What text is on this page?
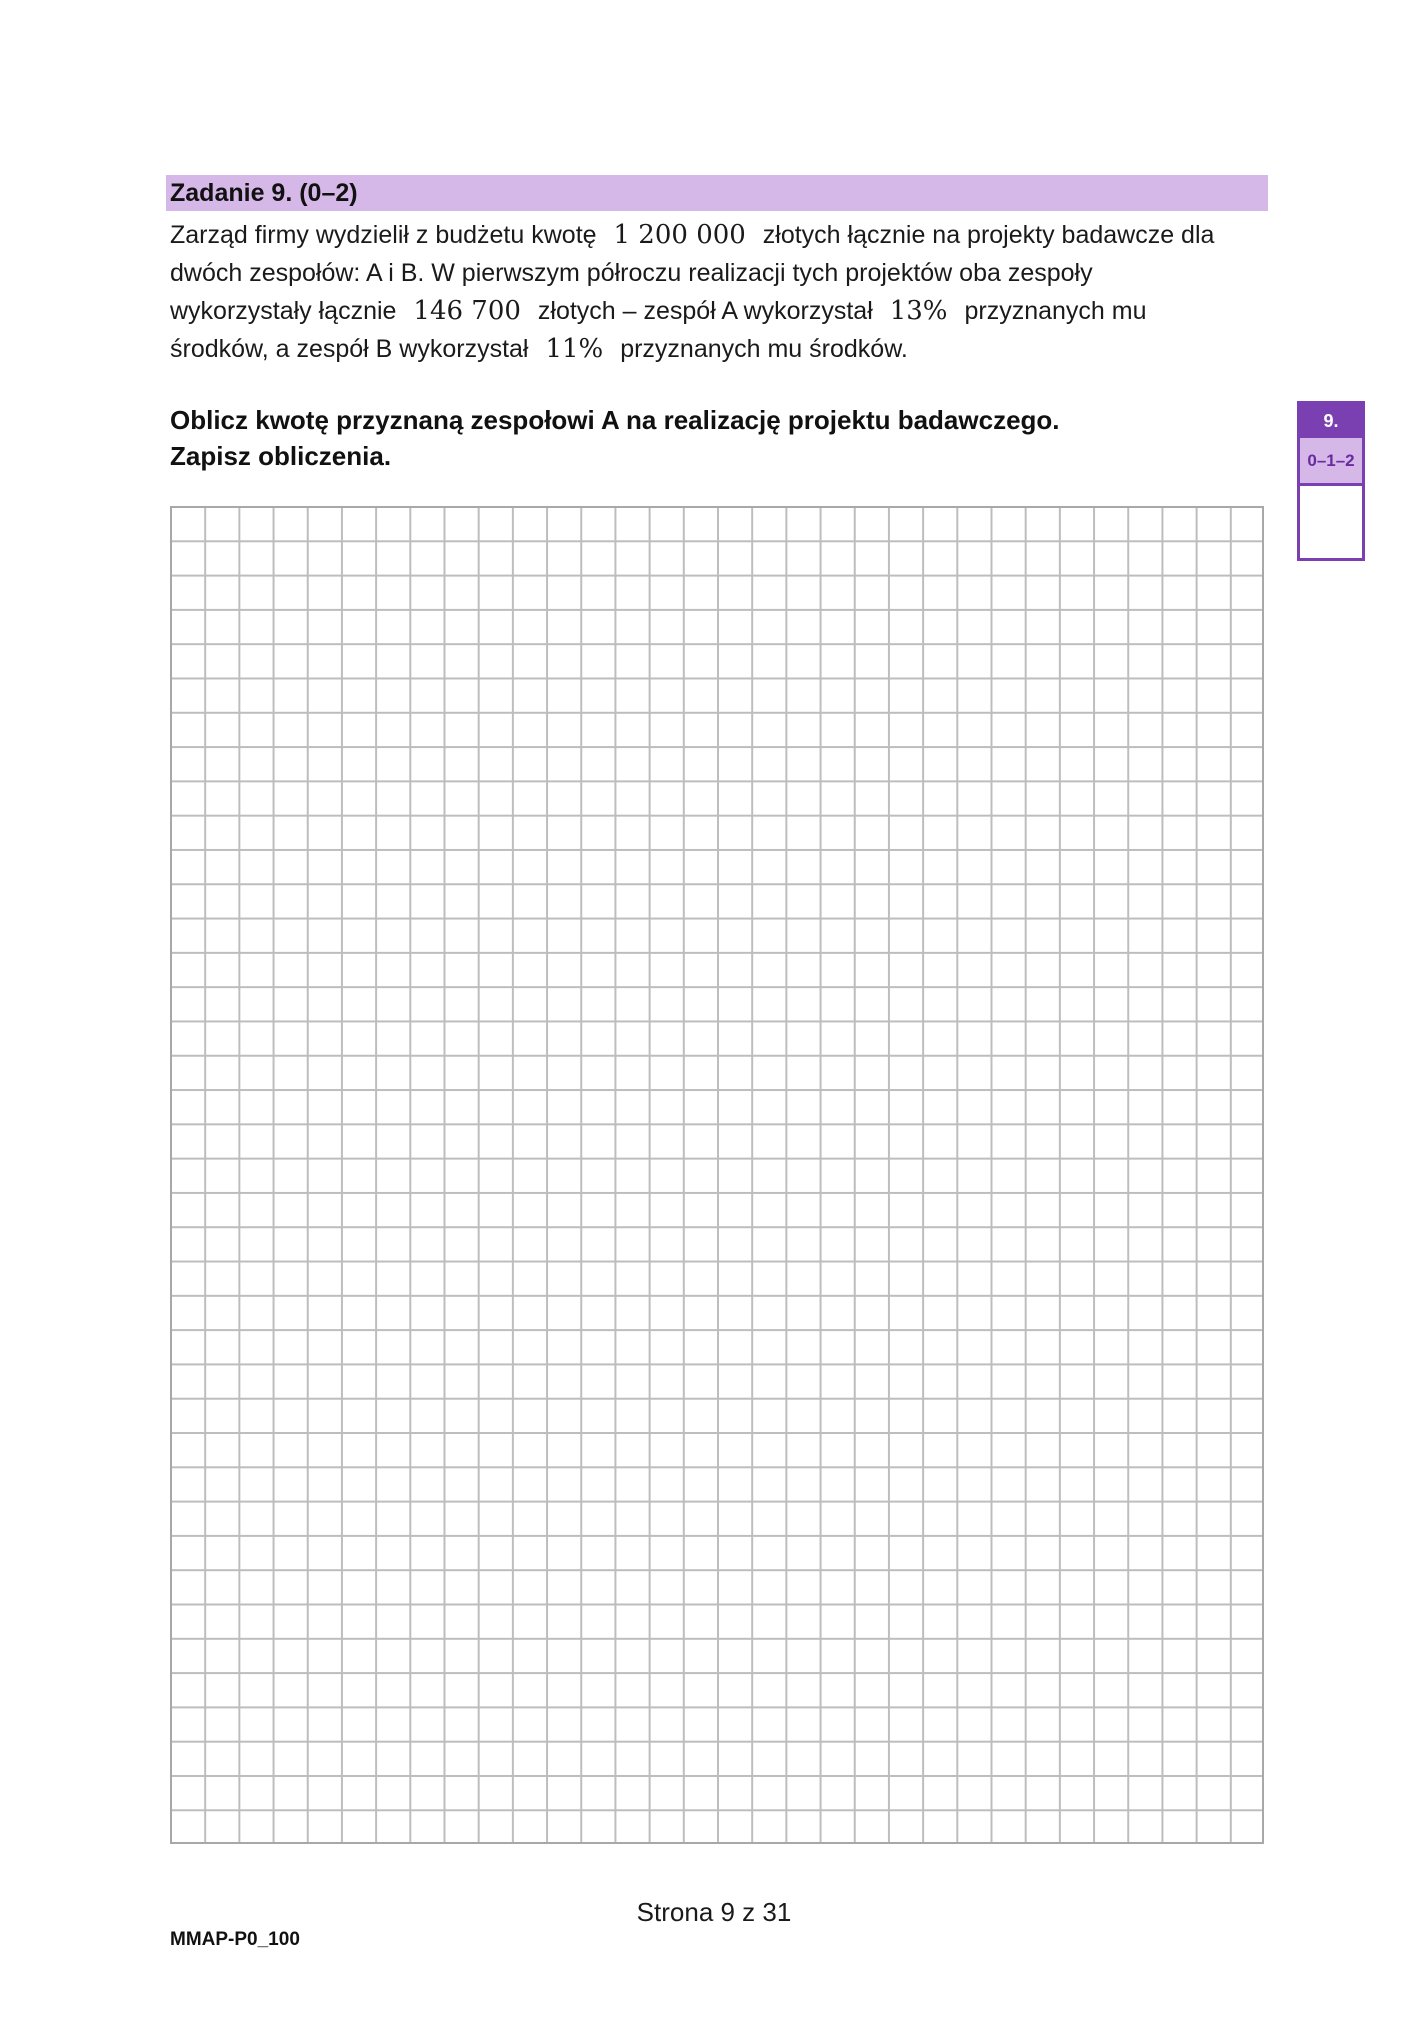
Zadanie 9. (0–2)
Zarząd firmy wydzielił z budżetu kwotę 1 200 000 złotych łącznie na projekty badawcze dla
dwóch zespołów: A i B. W pierwszym półroczu realizacji tych projektów oba zespoły
wykorzystały łącznie 146 700 złotych – zespół A wykorzystał 13% przyznanych mu
środków, a zespół B wykorzystał 11% przyznanych mu środków.
Oblicz kwotę przyznaną zespołowi A na realizację projektu badawczego.
Zapisz obliczenia.
9.
0–1–2
Strona 9 z 31
MMAP-P0_100
